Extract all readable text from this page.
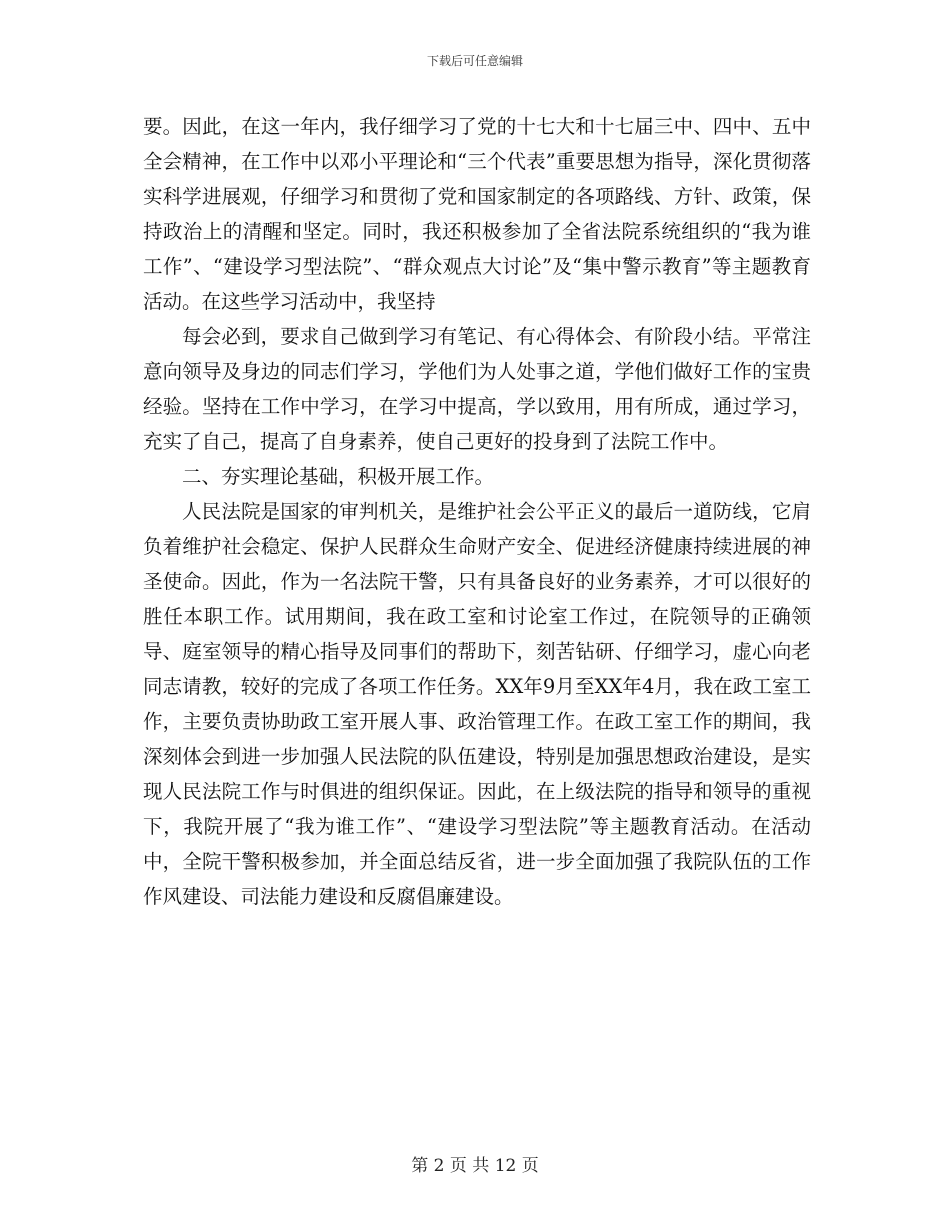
下载后可任意编辑

要。因此，在这一年内，我仔细学习了党的十七大和十七届三中、四中、五中全会精神，在工作中以邓小平理论和“三个代表”重要思想为指导，深化贯彻落实科学进展观，仔细学习和贯彻了党和国家制定的各项路线、方针、政策，保持政治上的清醒和坚定。同时，我还积极参加了全省法院系统组织的“我为谁工作”、“建设学习型法院”、“群众观点大讨论”及“集中警示教育”等主题教育活动。在这些学习活动中，我坚持

每会必到，要求自己做到学习有笔记、有心得体会、有阶段小结。平常注意向领导及身边的同志们学习，学他们为人处事之道，学他们做好工作的宝贵经验。坚持在工作中学习，在学习中提高，学以致用，用有所成，通过学习，充实了自己，提高了自身素养，使自己更好的投身到了法院工作中。

二、夯实理论基础，积极开展工作。

人民法院是国家的审判机关，是维护社会公平正义的最后一道防线，它肩负着维护社会稳定、保护人民群众生命财产安全、促进经济健康持续进展的神圣使命。因此，作为一名法院干警，只有具备良好的业务素养，才可以很好的胜任本职工作。试用期间，我在政工室和讨论室工作过，在院领导的正确领导、庭室领导的精心指导及同事们的帮助下，刻苦钻研、仔细学习，虚心向老同志请教，较好的完成了各项工作任务。XX年9月至XX年4月，我在政工室工作，主要负责协助政工室开展人事、政治管理工作。在政工室工作的期间，我深刻体会到进一步加强人民法院的队伍建设，特别是加强思想政治建设，是实现人民法院工作与时俱进的组织保证。因此，在上级法院的指导和领导的重视下，我院开展了“我为谁工作”、“建设学习型法院”等主题教育活动。在活动中，全院干警积极参加，并全面总结反省，进一步全面加强了我院队伍的工作作风建设、司法能力建设和反腐倡廉建设。

第 2 页 共 12 页
